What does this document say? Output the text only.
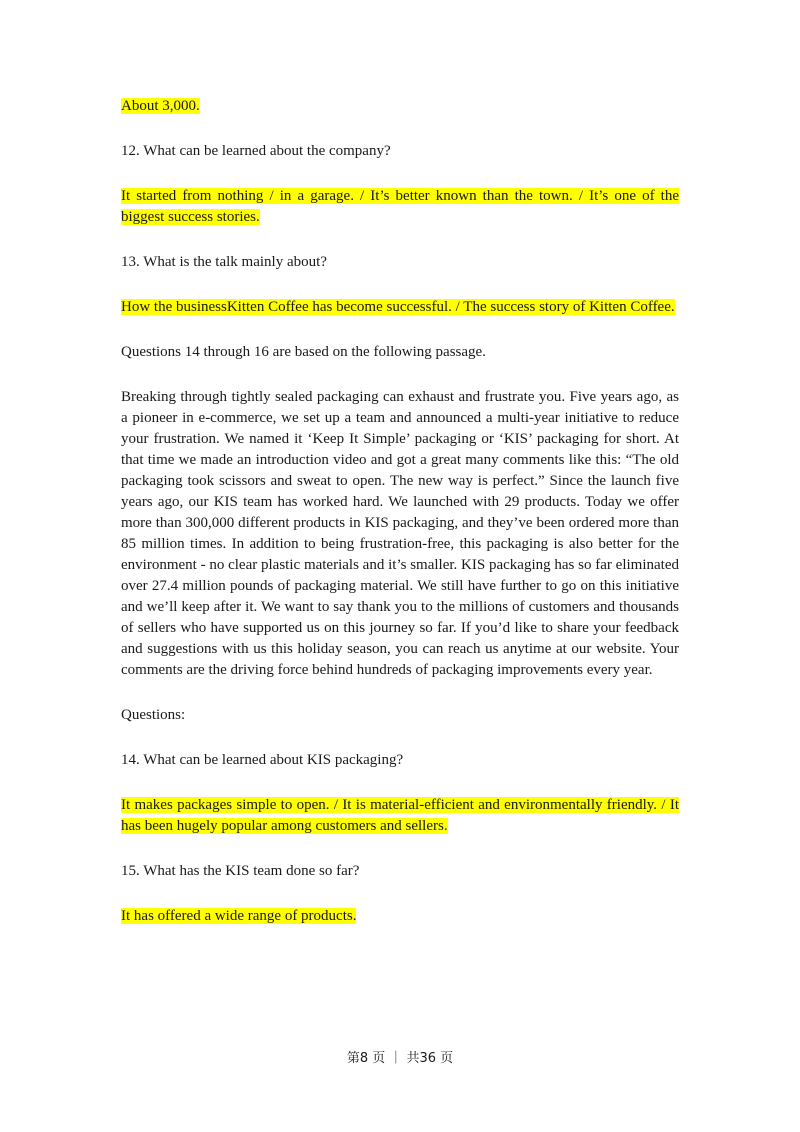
About 3,000.

12. What can be learned about the company?

It started from nothing / in a garage. / It’s better known than the town. / It’s one of the biggest success stories.

13. What is the talk mainly about?

How the businessKitten Coffee has become successful. / The success story of Kitten Coffee.

Questions 14 through 16 are based on the following passage.

Breaking through tightly sealed packaging can exhaust and frustrate you. Five years ago, as a pioneer in e-commerce, we set up a team and announced a multi-year initiative to reduce your frustration. We named it ‘Keep It Simple’ packaging or ‘KIS’ packaging for short. At that time we made an introduction video and got a great many comments like this: “The old packaging took scissors and sweat to open. The new way is perfect.” Since the launch five years ago, our KIS team has worked hard. We launched with 29 products. Today we offer more than 300,000 different products in KIS packaging, and they’ve been ordered more than 85 million times. In addition to being frustration-free, this packaging is also better for the environment - no clear plastic materials and it’s smaller. KIS packaging has so far eliminated over 27.4 million pounds of packaging material. We still have further to go on this initiative and we’ll keep after it. We want to say thank you to the millions of customers and thousands of sellers who have supported us on this journey so far. If you’d like to share your feedback and suggestions with us this holiday season, you can reach us anytime at our website. Your comments are the driving force behind hundreds of packaging improvements every year.

Questions:

14. What can be learned about KIS packaging?

It makes packages simple to open. / It is material-efficient and environmentally friendly. / It has been hugely popular among customers and sellers.

15. What has the KIS team done so far?

It has offered a wide range of products.

第8 页 ｜ 共36 页
